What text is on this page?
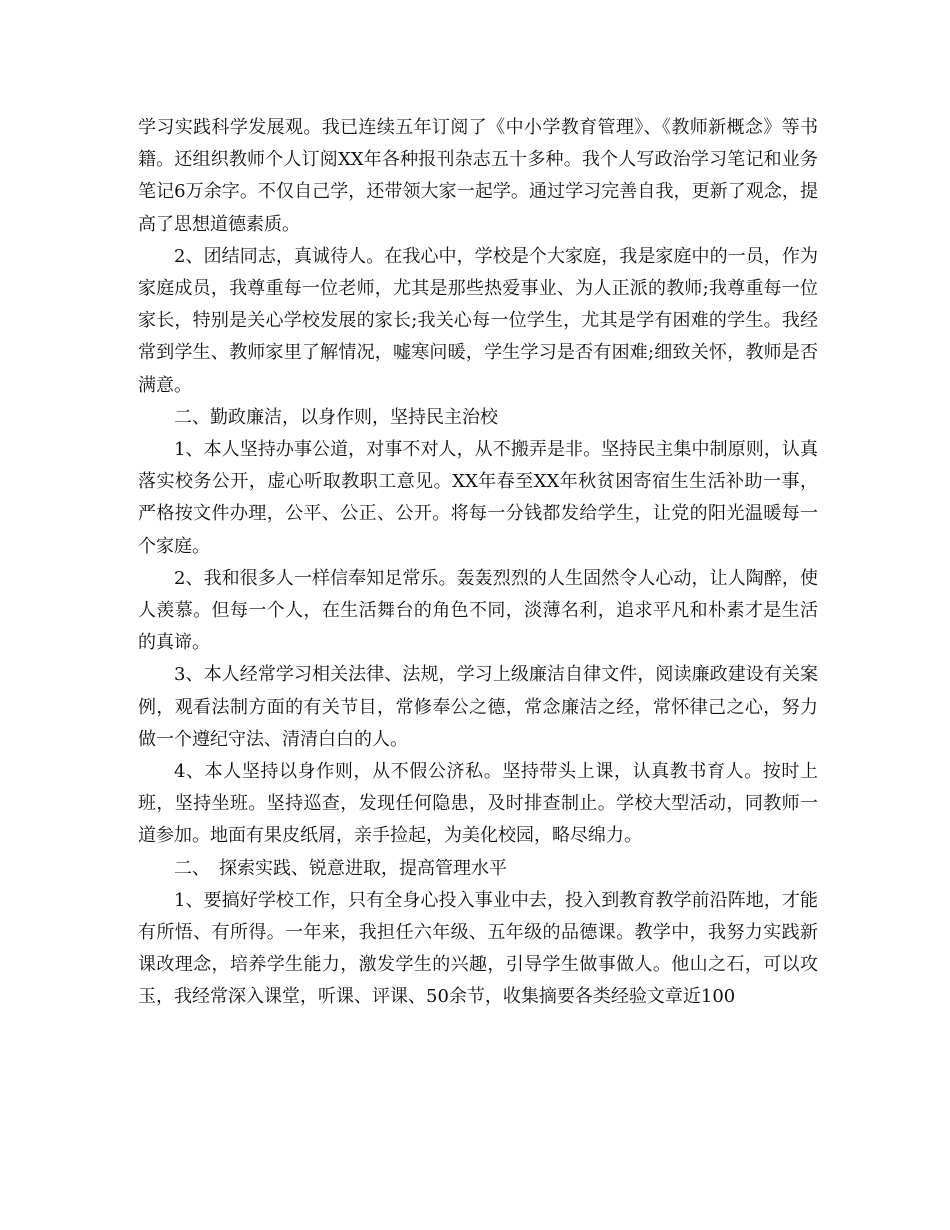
学习实践科学发展观。我已连续五年订阅了《中小学教育管理》、《教师新概念》等书籍。还组织教师个人订阅XX年各种报刊杂志五十多种。我个人写政治学习笔记和业务笔记6万余字。不仅自己学，还带领大家一起学。通过学习完善自我，更新了观念，提高了思想道德素质。

2、团结同志，真诚待人。在我心中，学校是个大家庭，我是家庭中的一员，作为家庭成员，我尊重每一位老师，尤其是那些热爱事业、为人正派的教师;我尊重每一位家长，特别是关心学校发展的家长;我关心每一位学生，尤其是学有困难的学生。我经常到学生、教师家里了解情况，嘘寒问暖，学生学习是否有困难;细致关怀，教师是否满意。

二、勤政廉洁，以身作则，坚持民主治校

1、本人坚持办事公道，对事不对人，从不搬弄是非。坚持民主集中制原则，认真落实校务公开，虚心听取教职工意见。XX年春至XX年秋贫困寄宿生生活补助一事，严格按文件办理，公平、公正、公开。将每一分钱都发给学生，让党的阳光温暖每一个家庭。

2、我和很多人一样信奉知足常乐。轰轰烈烈的人生固然令人心动，让人陶醉，使人羡慕。但每一个人，在生活舞台的角色不同，淡薄名利，追求平凡和朴素才是生活的真谛。

3、本人经常学习相关法律、法规，学习上级廉洁自律文件，阅读廉政建设有关案例，观看法制方面的有关节目，常修奉公之德，常念廉洁之经，常怀律己之心，努力做一个遵纪守法、清清白白的人。

4、本人坚持以身作则，从不假公济私。坚持带头上课，认真教书育人。按时上班，坚持坐班。坚持巡查，发现任何隐患，及时排查制止。学校大型活动，同教师一道参加。地面有果皮纸屑，亲手捡起，为美化校园，略尽绵力。

二、　探索实践、锐意进取，提高管理水平

1、要搞好学校工作，只有全身心投入事业中去，投入到教育教学前沿阵地，才能有所悟、有所得。一年来，我担任六年级、五年级的品德课。教学中，我努力实践新课改理念，培养学生能力，激发学生的兴趣，引导学生做事做人。他山之石，可以攻玉，我经常深入课堂，听课、评课、50余节，收集摘要各类经验文章近100
